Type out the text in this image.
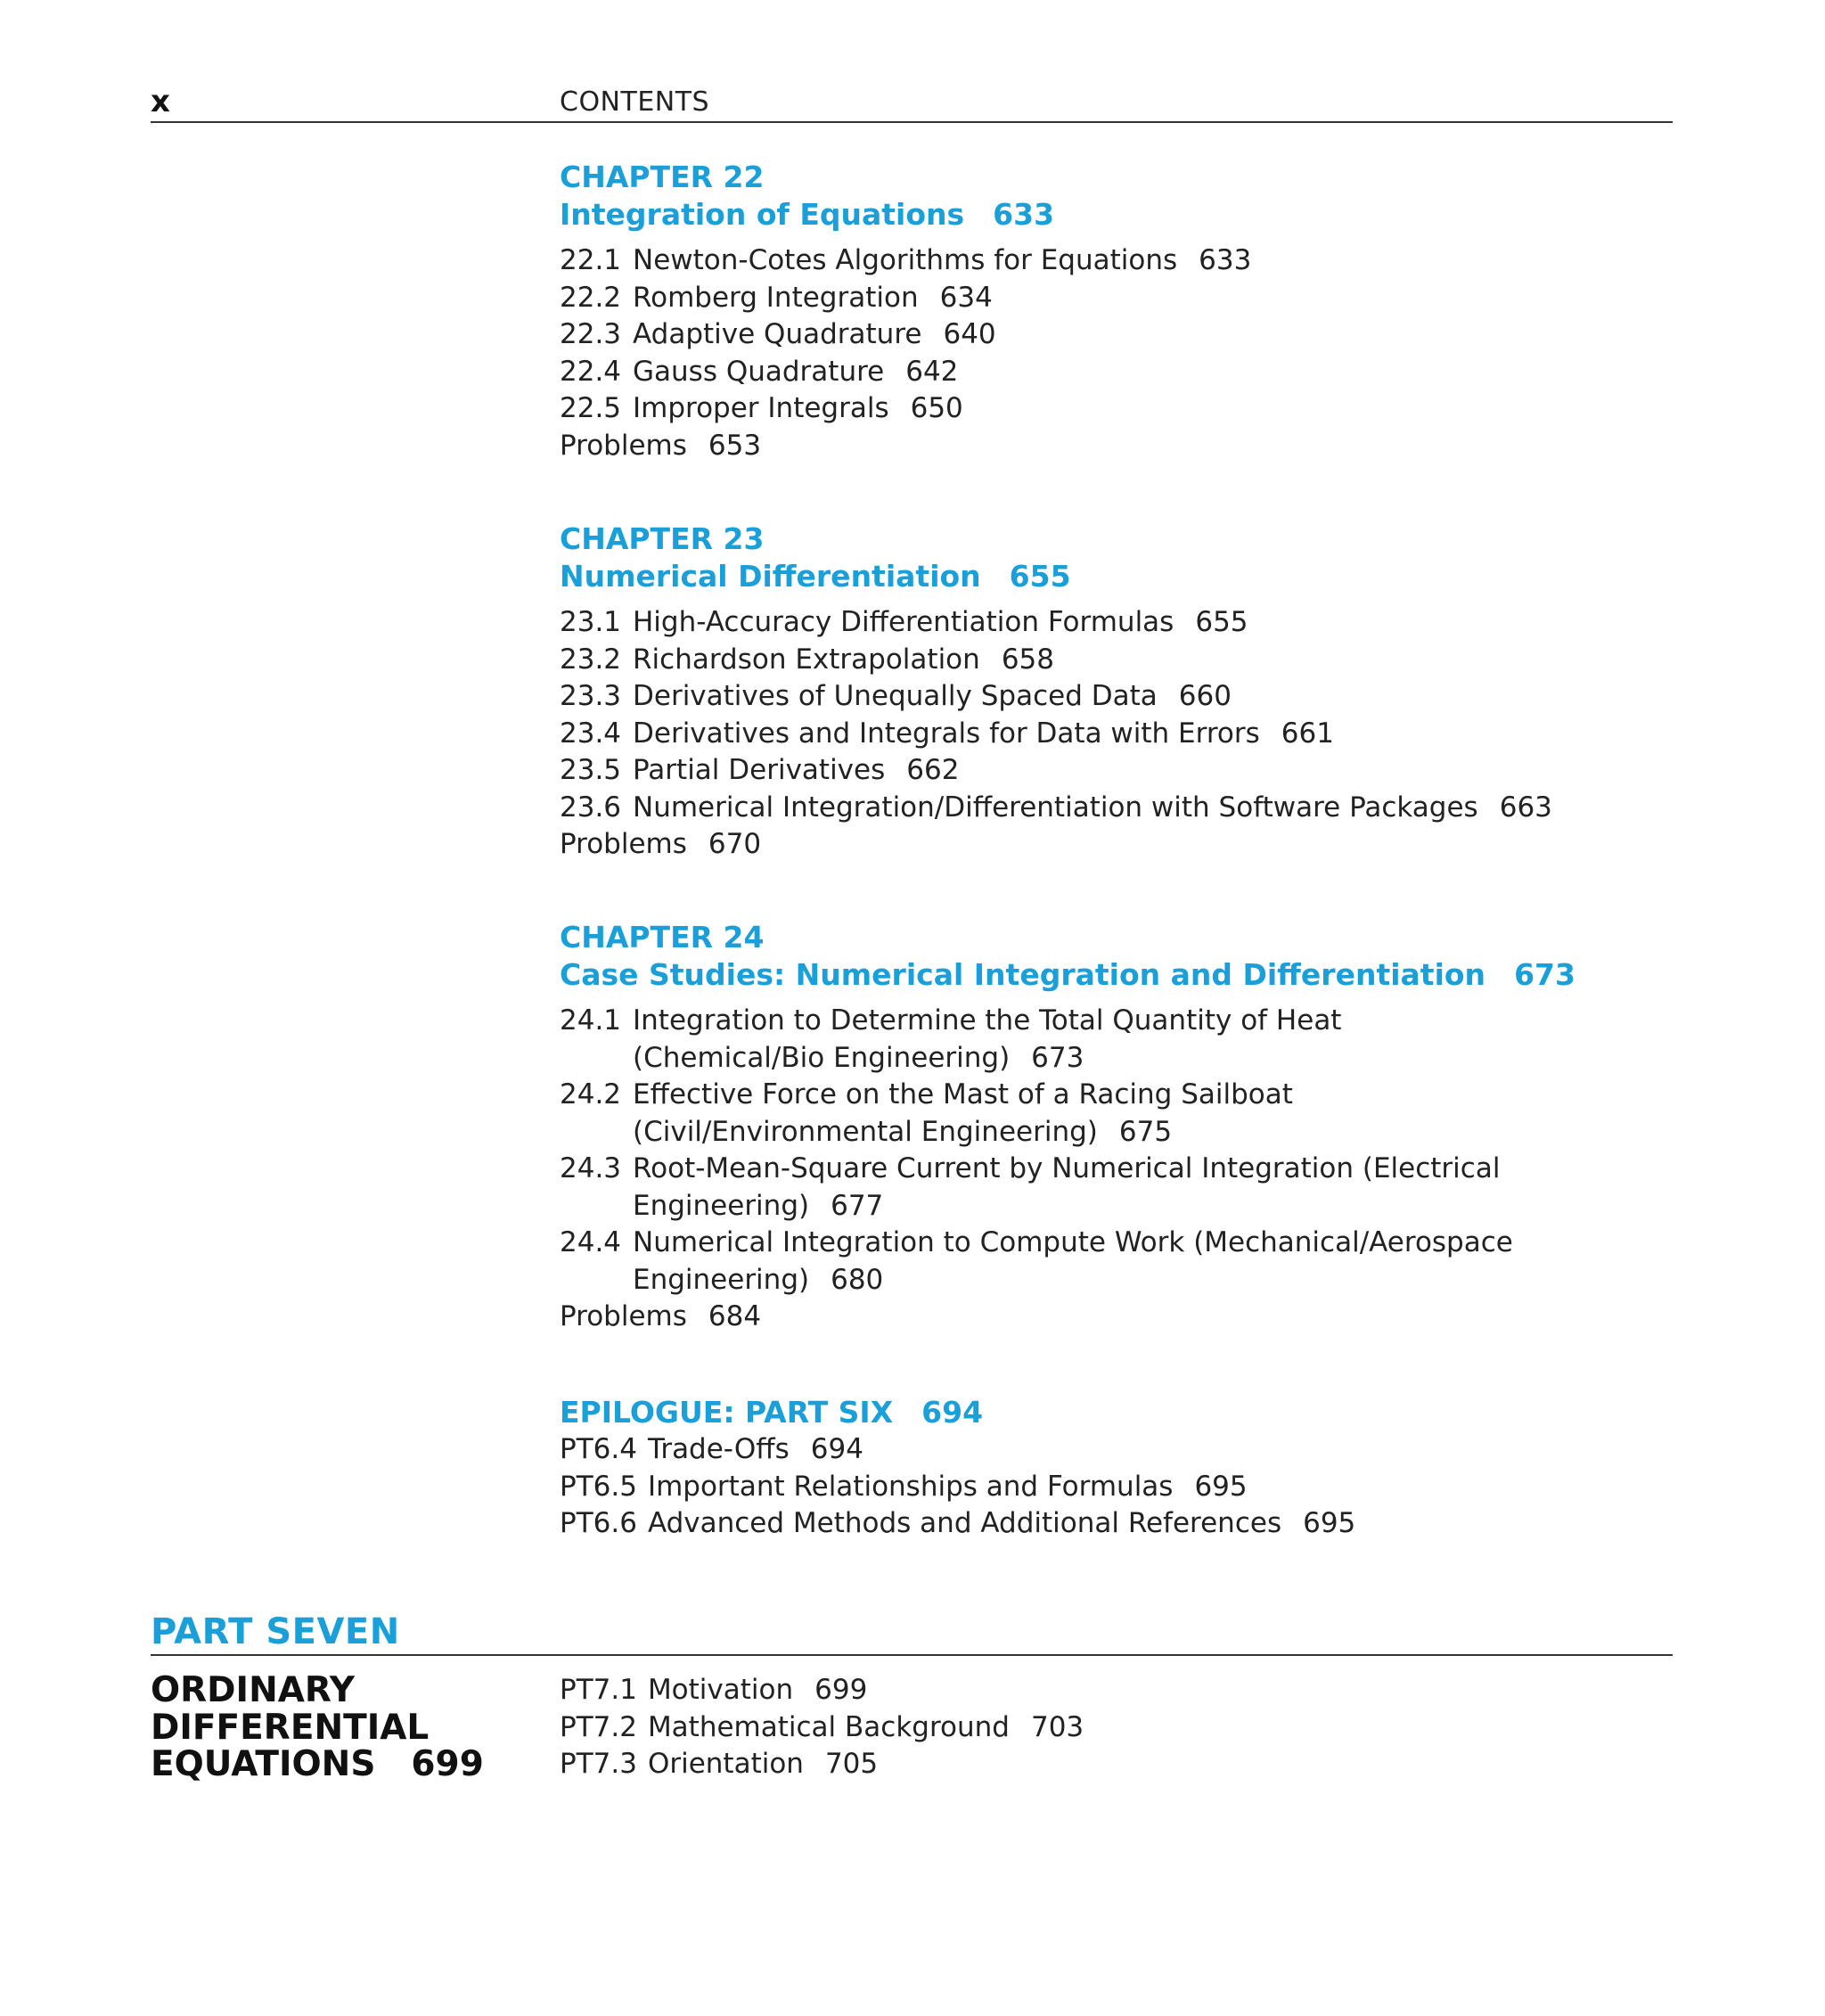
x	CONTENTS
CHAPTER 22
Integration of Equations 633
22.1 Newton-Cotes Algorithms for Equations 633
22.2 Romberg Integration 634
22.3 Adaptive Quadrature 640
22.4 Gauss Quadrature 642
22.5 Improper Integrals 650
Problems 653
CHAPTER 23
Numerical Differentiation 655
23.1 High-Accuracy Differentiation Formulas 655
23.2 Richardson Extrapolation 658
23.3 Derivatives of Unequally Spaced Data 660
23.4 Derivatives and Integrals for Data with Errors 661
23.5 Partial Derivatives 662
23.6 Numerical Integration/Differentiation with Software Packages 663
Problems 670
CHAPTER 24
Case Studies: Numerical Integration and Differentiation 673
24.1 Integration to Determine the Total Quantity of Heat (Chemical/Bio Engineering) 673
24.2 Effective Force on the Mast of a Racing Sailboat (Civil/Environmental Engineering) 675
24.3 Root-Mean-Square Current by Numerical Integration (Electrical Engineering) 677
24.4 Numerical Integration to Compute Work (Mechanical/Aerospace Engineering) 680
Problems 684
EPILOGUE: PART SIX 694
PT6.4 Trade-Offs 694
PT6.5 Important Relationships and Formulas 695
PT6.6 Advanced Methods and Additional References 695
PART SEVEN
ORDINARY
DIFFERENTIAL
EQUATIONS 699
PT7.1 Motivation 699
PT7.2 Mathematical Background 703
PT7.3 Orientation 705
